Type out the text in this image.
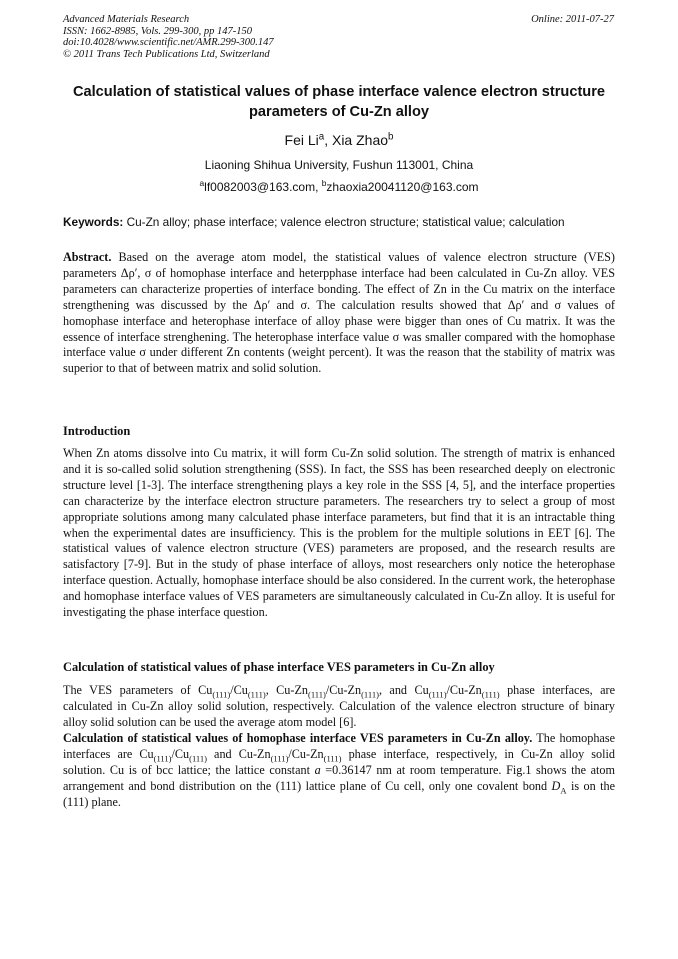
Advanced Materials Research
ISSN: 1662-8985, Vols. 299-300, pp 147-150
doi:10.4028/www.scientific.net/AMR.299-300.147
© 2011 Trans Tech Publications Ltd, Switzerland
Online: 2011-07-27
Calculation of statistical values of phase interface valence electron structure parameters of Cu-Zn alloy
Fei Li$^a$, Xia Zhao$^b$
Liaoning Shihua University, Fushun 113001, China
$^a$lf0082003@163.com, $^b$zhaoxia20041120@163.com
Keywords: Cu-Zn alloy; phase interface; valence electron structure; statistical value; calculation
Abstract. Based on the average atom model, the statistical values of valence electron structure (VES) parameters Δρ′, σ of homophase interface and heterpphase interface had been calculated in Cu-Zn alloy. VES parameters can characterize properties of interface bonding. The effect of Zn in the Cu matrix on the interface strengthening was discussed by the Δρ′ and σ. The calculation results showed that Δρ′ and σ values of homophase interface and heterophase interface of alloy phase were bigger than ones of Cu matrix. It was the essence of interface strenghening. The heterophase interface value σ was smaller compared with the homophase interface value σ under different Zn contents (weight percent). It was the reason that the stability of matrix was superior to that of between matrix and solid solution.
Introduction
When Zn atoms dissolve into Cu matrix, it will form Cu-Zn solid solution. The strength of matrix is enhanced and it is so-called solid solution strengthening (SSS). In fact, the SSS has been researched deeply on electronic structure level [1-3]. The interface strengthening plays a key role in the SSS [4, 5], and the interface properties can characterize by the interface electron structure parameters. The researchers try to select a group of most appropriate solutions among many calculated phase interface parameters, but find that it is an intractable thing when the experimental dates are insufficiency. This is the problem for the multiple solutions in EET [6]. The statistical values of valence electron structure (VES) parameters are proposed, and the research results are satisfactory [7-9]. But in the study of phase interface of alloys, most researchers only notice the heterophase interface question. Actually, homophase interface should be also considered. In the current work, the heterophase and homophase interface values of VES parameters are simultaneously calculated in Cu-Zn alloy. It is useful for investigating the phase interface question.
Calculation of statistical values of phase interface VES parameters in Cu-Zn alloy
The VES parameters of $Cu_{(111)}/Cu_{(111)}$, $Cu-Zn_{(111)}/Cu-Zn_{(111)}$, and $Cu_{(111)}/Cu-Zn_{(111)}$ phase interfaces, are calculated in Cu-Zn alloy solid solution, respectively. Calculation of the valence electron structure of binary alloy solid solution can be used the average atom model [6].
Calculation of statistical values of homophase interface VES parameters in Cu-Zn alloy. The homophase interfaces are $Cu_{(111)}/Cu_{(111)}$ and $Cu-Zn_{(111)}/Cu-Zn_{(111)}$ phase interface, respectively, in Cu-Zn alloy solid solution. Cu is of bcc lattice; the lattice constant a =0.36147 nm at room temperature. Fig.1 shows the atom arrangement and bond distribution on the (111) lattice plane of Cu cell, only one covalent bond $D_A$ is on the (111) plane.
